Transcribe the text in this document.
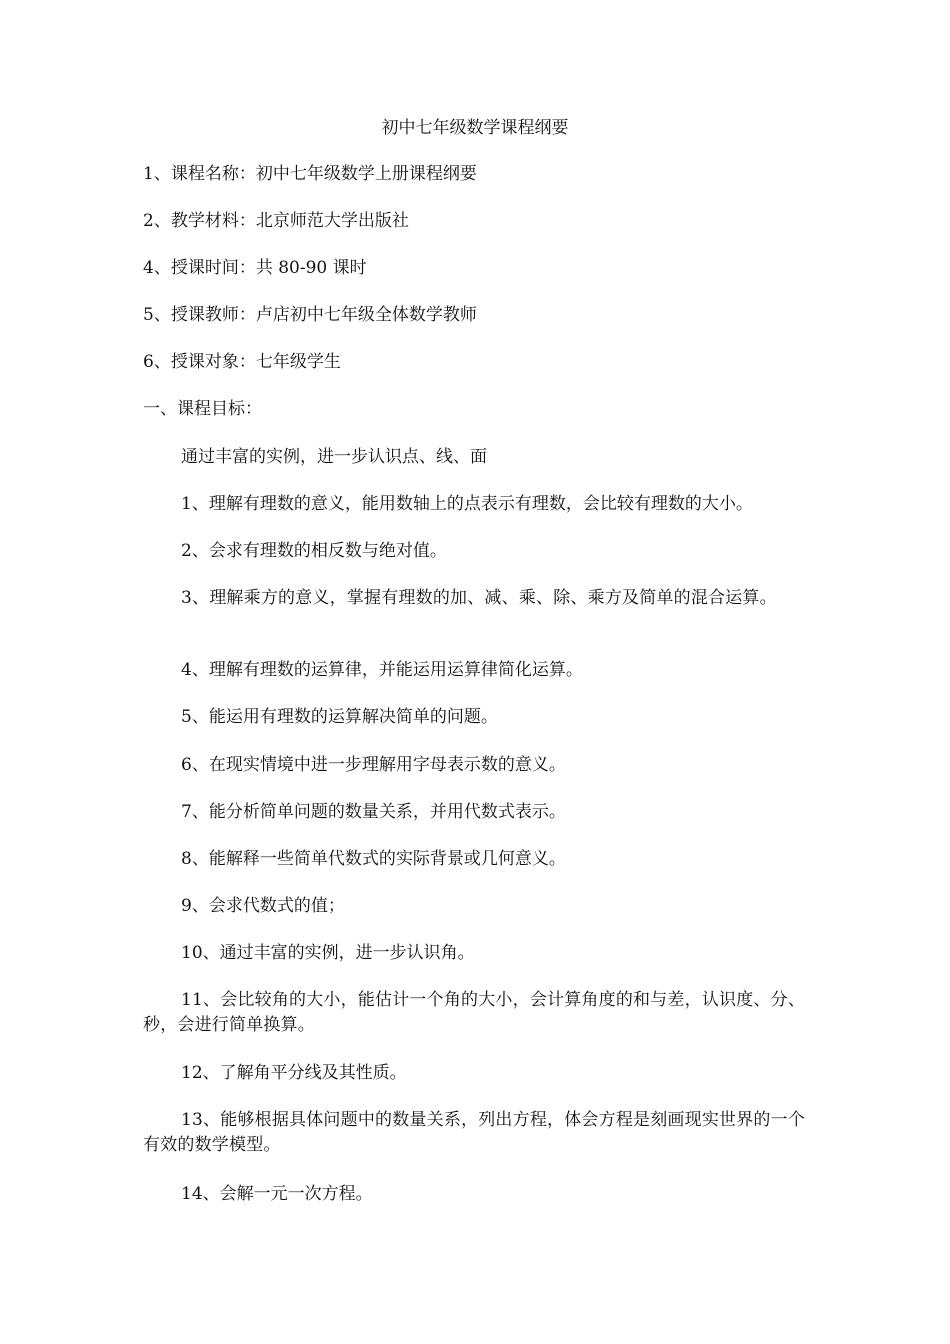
初中七年级数学课程纲要
1、课程名称：初中七年级数学上册课程纲要
2、教学材料：北京师范大学出版社
4、授课时间：共 80-90 课时
5、授课教师：卢店初中七年级全体数学教师
6、授课对象：七年级学生
一、课程目标：
通过丰富的实例，进一步认识点、线、面
1、理解有理数的意义，能用数轴上的点表示有理数，会比较有理数的大小。
2、会求有理数的相反数与绝对值。
3、理解乘方的意义，掌握有理数的加、减、乘、除、乘方及简单的混合运算。
4、理解有理数的运算律，并能运用运算律简化运算。
5、能运用有理数的运算解决简单的问题。
6、在现实情境中进一步理解用字母表示数的意义。
7、能分析简单问题的数量关系，并用代数式表示。
8、能解释一些简单代数式的实际背景或几何意义。
9、会求代数式的值；
10、通过丰富的实例，进一步认识角。
11、会比较角的大小，能估计一个角的大小，会计算角度的和与差，认识度、分、秒，会进行简单换算。
12、了解角平分线及其性质。
13、能够根据具体问题中的数量关系，列出方程，体会方程是刻画现实世界的一个有效的数学模型。
14、会解一元一次方程。
